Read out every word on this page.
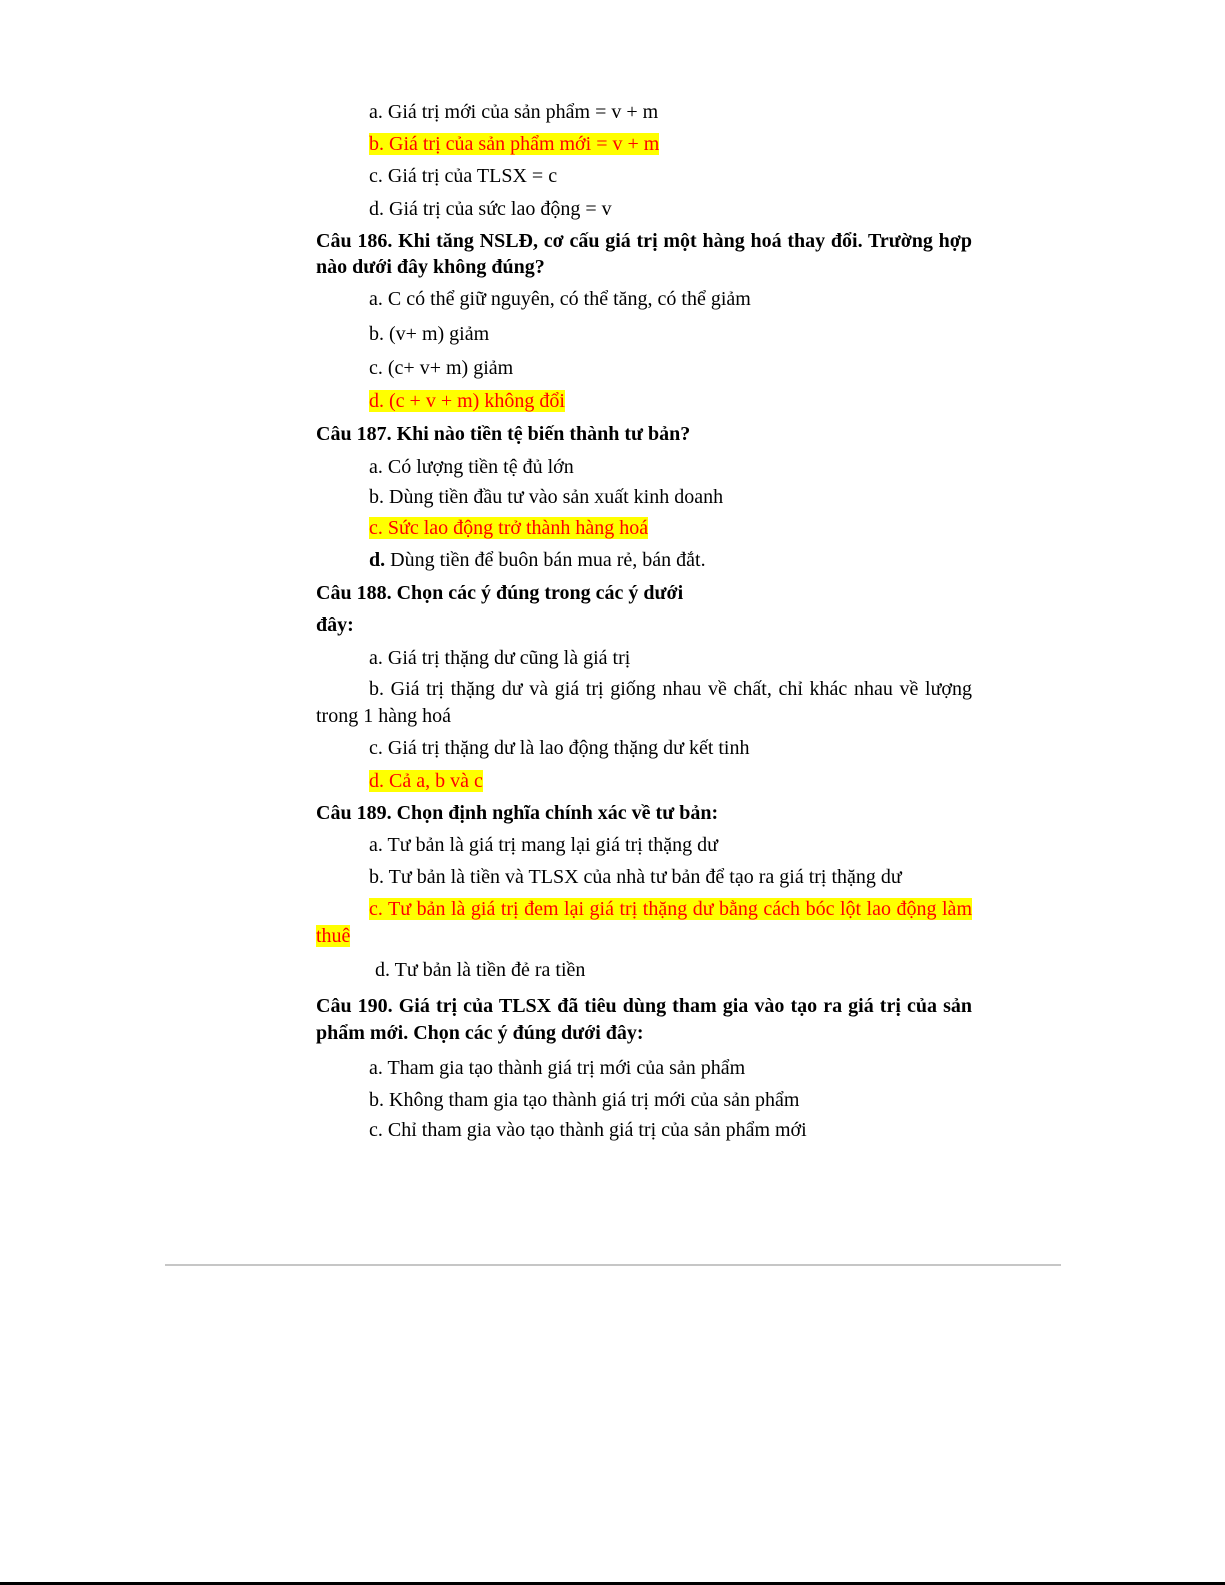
a. Giá trị mới của sản phẩm = v + m
b. Giá trị của sản phẩm mới = v + m
c. Giá trị của TLSX = c
d. Giá trị của sức lao động = v
Câu 186. Khi tăng NSLĐ, cơ cấu giá trị một hàng hoá thay đổi. Trường hợp nào dưới đây không đúng?
a. C có thể giữ nguyên, có thể tăng, có thể giảm
b. (v+ m) giảm
c. (c+ v+ m) giảm
d. (c + v + m) không đổi
Câu 187. Khi nào tiền tệ biến thành tư bản?
a. Có lượng tiền tệ đủ lớn
b. Dùng tiền đầu tư vào sản xuất kinh doanh
c. Sức lao động trở thành hàng hoá
d. Dùng tiền để buôn bán mua rẻ, bán đắt.
Câu 188. Chọn các ý đúng trong các ý dưới
đây:
a. Giá trị thặng dư cũng là giá trị
b. Giá trị thặng dư và giá trị giống nhau về chất, chỉ khác nhau về lượng trong 1 hàng hoá
c. Giá trị thặng dư là lao động thặng dư kết tinh
d. Cả a, b và c
Câu 189. Chọn định nghĩa chính xác về tư bản:
a. Tư bản là giá trị mang lại giá trị thặng dư
b. Tư bản là tiền và TLSX của nhà tư bản để tạo ra giá trị thặng dư
c. Tư bản là giá trị đem lại giá trị thặng dư bằng cách bóc lột lao động làm thuê
d. Tư bản là tiền đẻ ra tiền
Câu 190. Giá trị của TLSX đã tiêu dùng tham gia vào tạo ra giá trị của sản phẩm mới. Chọn các ý đúng dưới đây:
a. Tham gia tạo thành giá trị mới của sản phẩm
b. Không tham gia tạo thành giá trị mới của sản phẩm
c. Chỉ tham gia vào tạo thành giá trị của sản phẩm mới
